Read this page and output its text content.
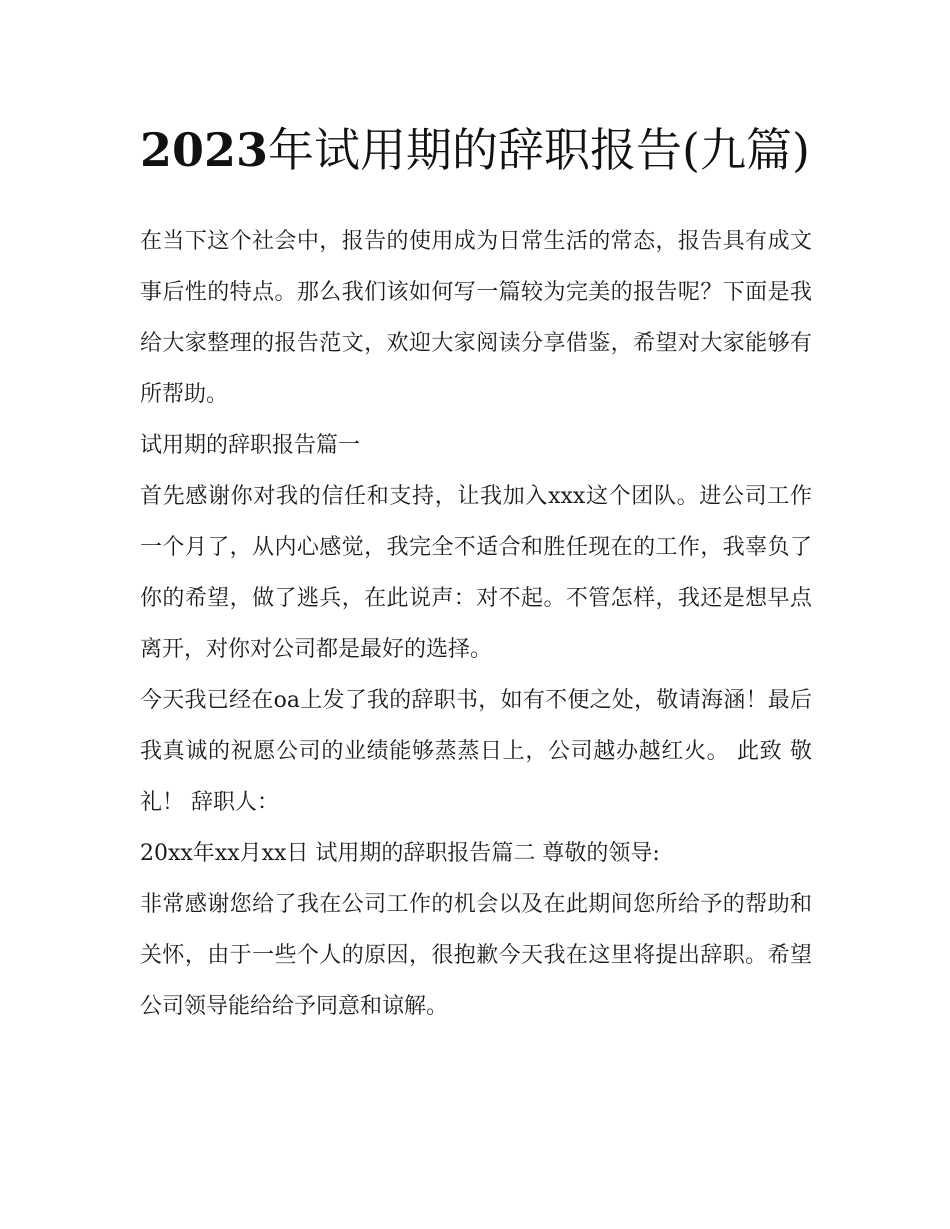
2023年试用期的辞职报告(九篇)

在当下这个社会中，报告的使用成为日常生活的常态，报告具有成文事后性的特点。那么我们该如何写一篇较为完美的报告呢？下面是我给大家整理的报告范文，欢迎大家阅读分享借鉴，希望对大家能够有所帮助。

试用期的辞职报告篇一

首先感谢你对我的信任和支持，让我加入xxx这个团队。进公司工作一个月了，从内心感觉，我完全不适合和胜任现在的工作，我辜负了你的希望，做了逃兵，在此说声：对不起。不管怎样，我还是想早点离开，对你对公司都是最好的选择。

今天我已经在oa上发了我的辞职书，如有不便之处，敬请海涵！最后我真诚的祝愿公司的业绩能够蒸蒸日上，公司越办越红火。 此致 敬礼！ 辞职人：

20xx年xx月xx日 试用期的辞职报告篇二 尊敬的领导:

非常感谢您给了我在公司工作的机会以及在此期间您所给予的帮助和关怀，由于一些个人的原因，很抱歉今天我在这里将提出辞职。希望公司领导能给给予同意和谅解。
